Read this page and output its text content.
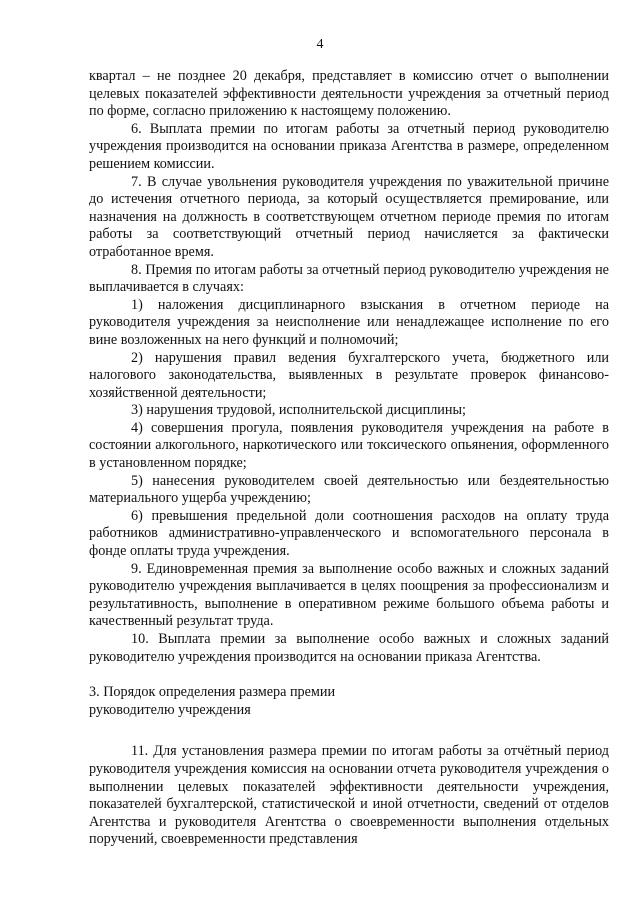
4

квартал – не позднее 20 декабря, представляет в комиссию отчет о выполнении целевых показателей эффективности деятельности учреждения за отчетный период по форме, согласно приложению к настоящему положению.

6. Выплата премии по итогам работы за отчетный период руководителю учреждения производится на основании приказа Агентства в размере, определенном решением комиссии.

7. В случае увольнения руководителя учреждения по уважительной причине до истечения отчетного периода, за который осуществляется премирование, или назначения на должность в соответствующем отчетном периоде премия по итогам работы за соответствующий отчетный период начисляется за фактически отработанное время.

8. Премия по итогам работы за отчетный период руководителю учреждения не выплачивается в случаях:

1) наложения дисциплинарного взыскания в отчетном периоде на руководителя учреждения за неисполнение или ненадлежащее исполнение по его вине возложенных на него функций и полномочий;

2) нарушения правил ведения бухгалтерского учета, бюджетного или налогового законодательства, выявленных в результате проверок финансово-хозяйственной деятельности;

3) нарушения трудовой, исполнительской дисциплины;

4) совершения прогула, появления руководителя учреждения на работе в состоянии алкогольного, наркотического или токсического опьянения, оформленного в установленном порядке;

5) нанесения руководителем своей деятельностью или бездеятельностью материального ущерба учреждению;

6) превышения предельной доли соотношения расходов на оплату труда работников административно-управленческого и вспомогательного персонала в фонде оплаты труда учреждения.

9. Единовременная премия за выполнение особо важных и сложных заданий руководителю учреждения выплачивается в целях поощрения за профессионализм и результативность, выполнение в оперативном режиме большого объема работы и качественный результат труда.

10. Выплата премии за выполнение особо важных и сложных заданий руководителю учреждения производится на основании приказа Агентства.

3. Порядок определения размера премии

руководителю учреждения

11. Для установления размера премии по итогам работы за отчётный период руководителя учреждения комиссия на основании отчета руководителя учреждения о выполнении целевых показателей эффективности деятельности учреждения, показателей бухгалтерской, статистической и иной отчетности, сведений от отделов Агентства и руководителя Агентства о своевременности выполнения отдельных поручений, своевременности представления
